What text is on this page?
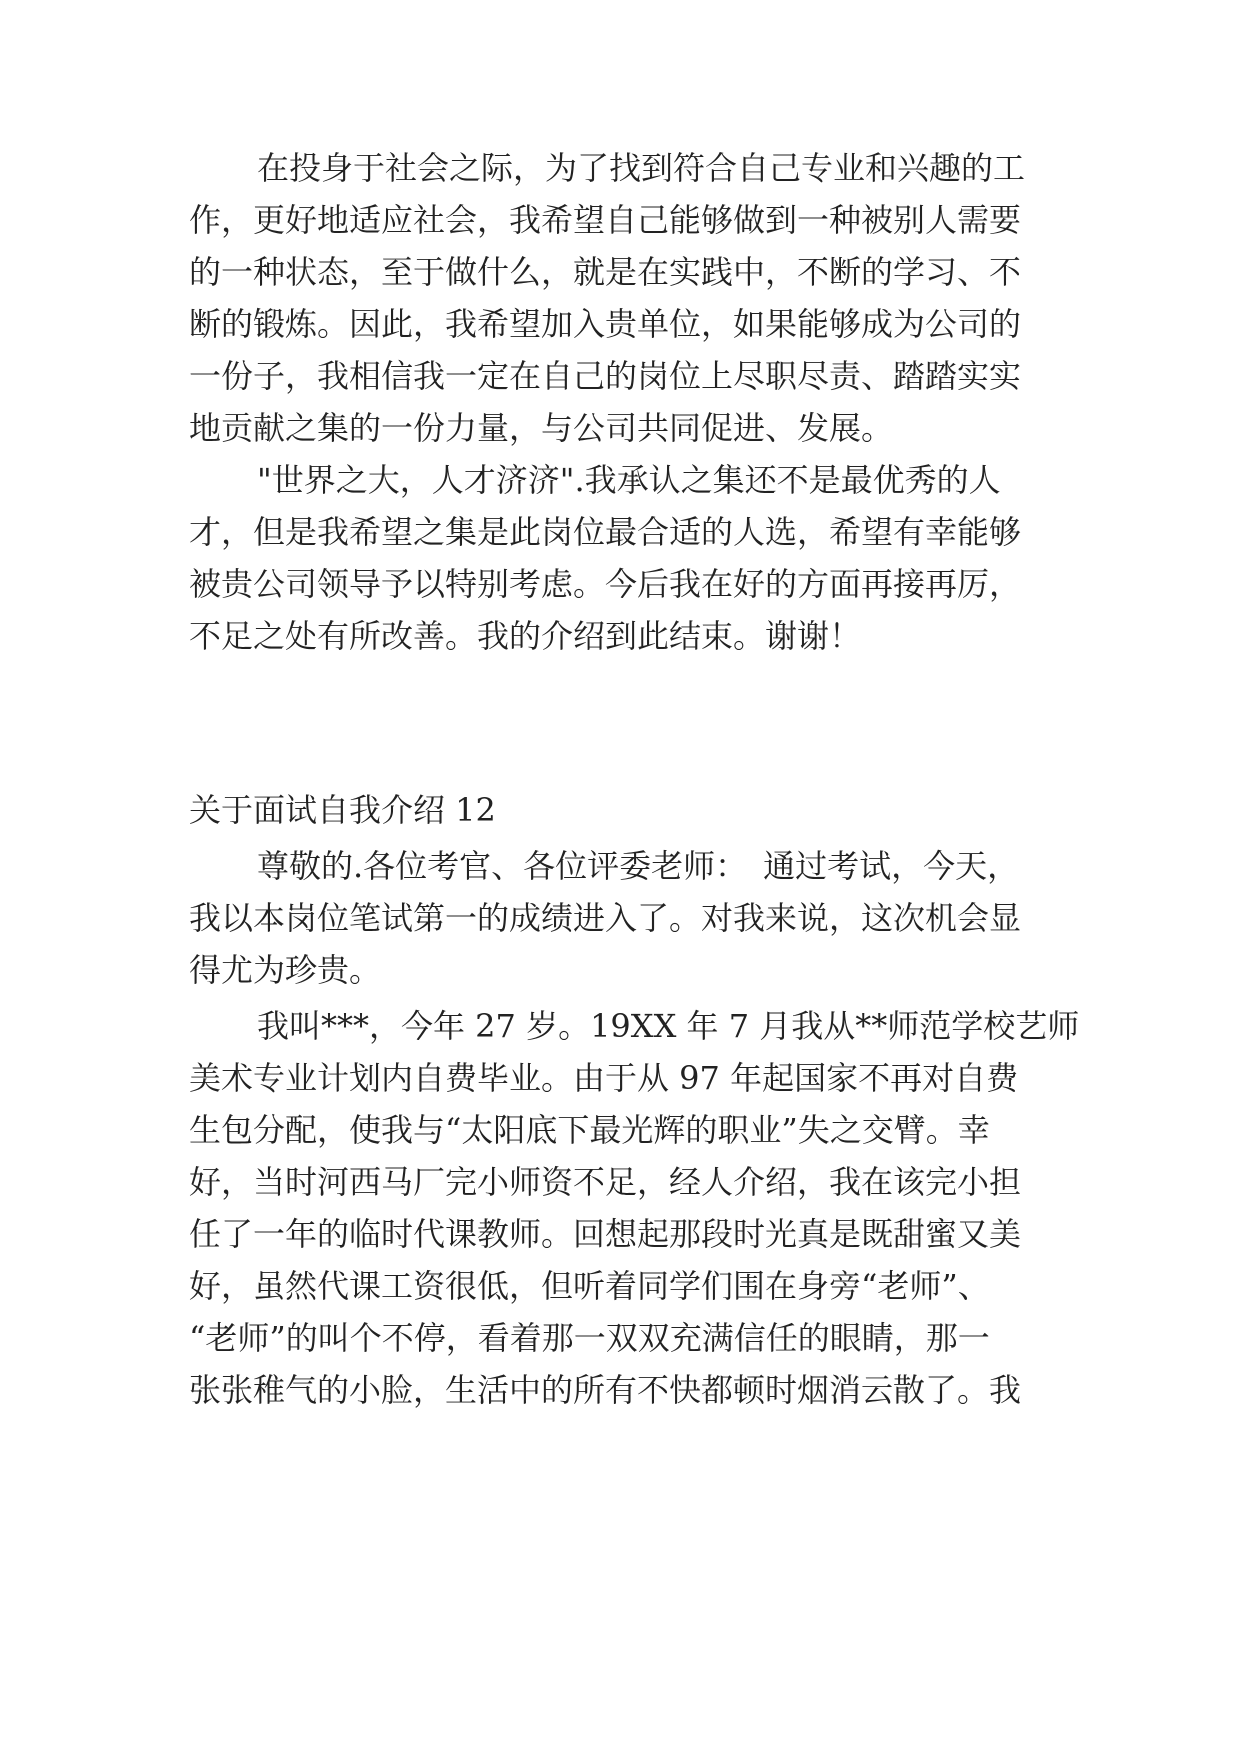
在投身于社会之际，为了找到符合自己专业和兴趣的工
作，更好地适应社会，我希望自己能够做到一种被别人需要
的一种状态，至于做什么，就是在实践中，不断的学习、不
断的锻炼。因此，我希望加入贵单位，如果能够成为公司的
一份子，我相信我一定在自己的岗位上尽职尽责、踏踏实实
地贡献之集的一份力量，与公司共同促进、发展。
"世界之大，人才济济".我承认之集还不是最优秀的人
才，但是我希望之集是此岗位最合适的人选，希望有幸能够
被贵公司领导予以特别考虑。今后我在好的方面再接再厉，
不足之处有所改善。我的介绍到此结束。谢谢！
关于面试自我介绍 12
尊敬的.各位考官、各位评委老师：　通过考试，今天，
我以本岗位笔试第一的成绩进入了。对我来说，这次机会显
得尤为珍贵。
我叫***，今年 27 岁。19XX 年 7 月我从**师范学校艺师
美术专业计划内自费毕业。由于从 97 年起国家不再对自费
生包分配，使我与“太阳底下最光辉的职业”失之交臂。幸
好，当时河西马厂完小师资不足，经人介绍，我在该完小担
任了一年的临时代课教师。回想起那段时光真是既甜蜜又美
好，虽然代课工资很低，但听着同学们围在身旁“老师”、
“老师”的叫个不停，看着那一双双充满信任的眼睛，那一
张张稚气的小脸，生活中的所有不快都顿时烟消云散了。我
